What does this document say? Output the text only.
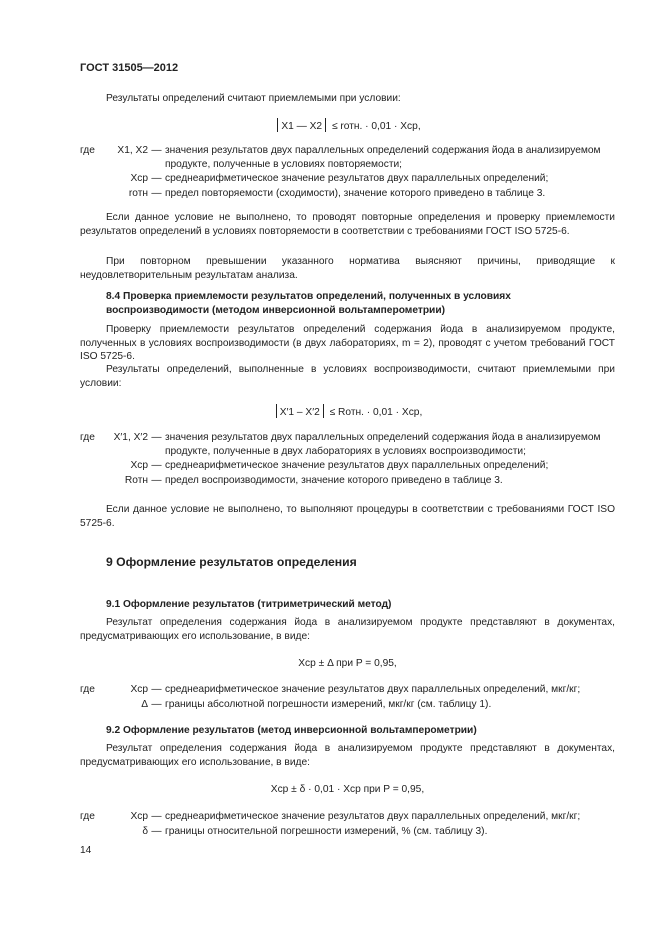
ГОСТ 31505—2012
Результаты определений считают приемлемыми при условии:
X1 — X2 ≤ rотн. · 0,01 · Xср,
где X1, X2 — значения результатов двух параллельных определений содержания йода в анализируемом продукте, полученные в условиях повторяемости;
Xср — среднеарифметическое значение результатов двух параллельных определений;
rотн — предел повторяемости (сходимости), значение которого приведено в таблице 3.
Если данное условие не выполнено, то проводят повторные определения и проверку приемлемости результатов определений в условиях повторяемости в соответствии с требованиями ГОСТ ISO 5725-6.
При повторном превышении указанного норматива выясняют причины, приводящие к неудовлетворительным результатам анализа.
8.4 Проверка приемлемости результатов определений, полученных в условиях воспроизводимости (методом инверсионной вольтамперометрии)
Проверку приемлемости результатов определений содержания йода в анализируемом продукте, полученных в условиях воспроизводимости (в двух лабораториях, m = 2), проводят с учетом требований ГОСТ ISO 5725-6.
Результаты определений, выполненные в условиях воспроизводимости, считают приемлемыми при условии:
X′1 – X′2 ≤ Rотн. · 0,01 · Xср,
где X′1, X′2 — значения результатов двух параллельных определений содержания йода в анализируемом продукте, полученные в двух лабораториях в условиях воспроизводимости;
Xср — среднеарифметическое значение результатов двух параллельных определений;
Rотн — предел воспроизводимости, значение которого приведено в таблице 3.
Если данное условие не выполнено, то выполняют процедуры в соответствии с требованиями ГОСТ ISO 5725-6.
9 Оформление результатов определения
9.1 Оформление результатов (титриметрический метод)
Результат определения содержания йода в анализируемом продукте представляют в документах, предусматривающих его использование, в виде:
Xср ± Δ при P = 0,95,
где	Xср — среднеарифметическое значение результатов двух параллельных определений, мкг/кг;
Δ — границы абсолютной погрешности измерений, мкг/кг (см. таблицу 1).
9.2 Оформление результатов (метод инверсионной вольтамперометрии)
Результат определения содержания йода в анализируемом продукте представляют в документах, предусматривающих его использование, в виде:
Xср ± δ · 0,01 · Xср при P = 0,95,
где	Xср — среднеарифметическое значение результатов двух параллельных определений, мкг/кг;
δ — границы относительной погрешности измерений, % (см. таблицу 3).
14
